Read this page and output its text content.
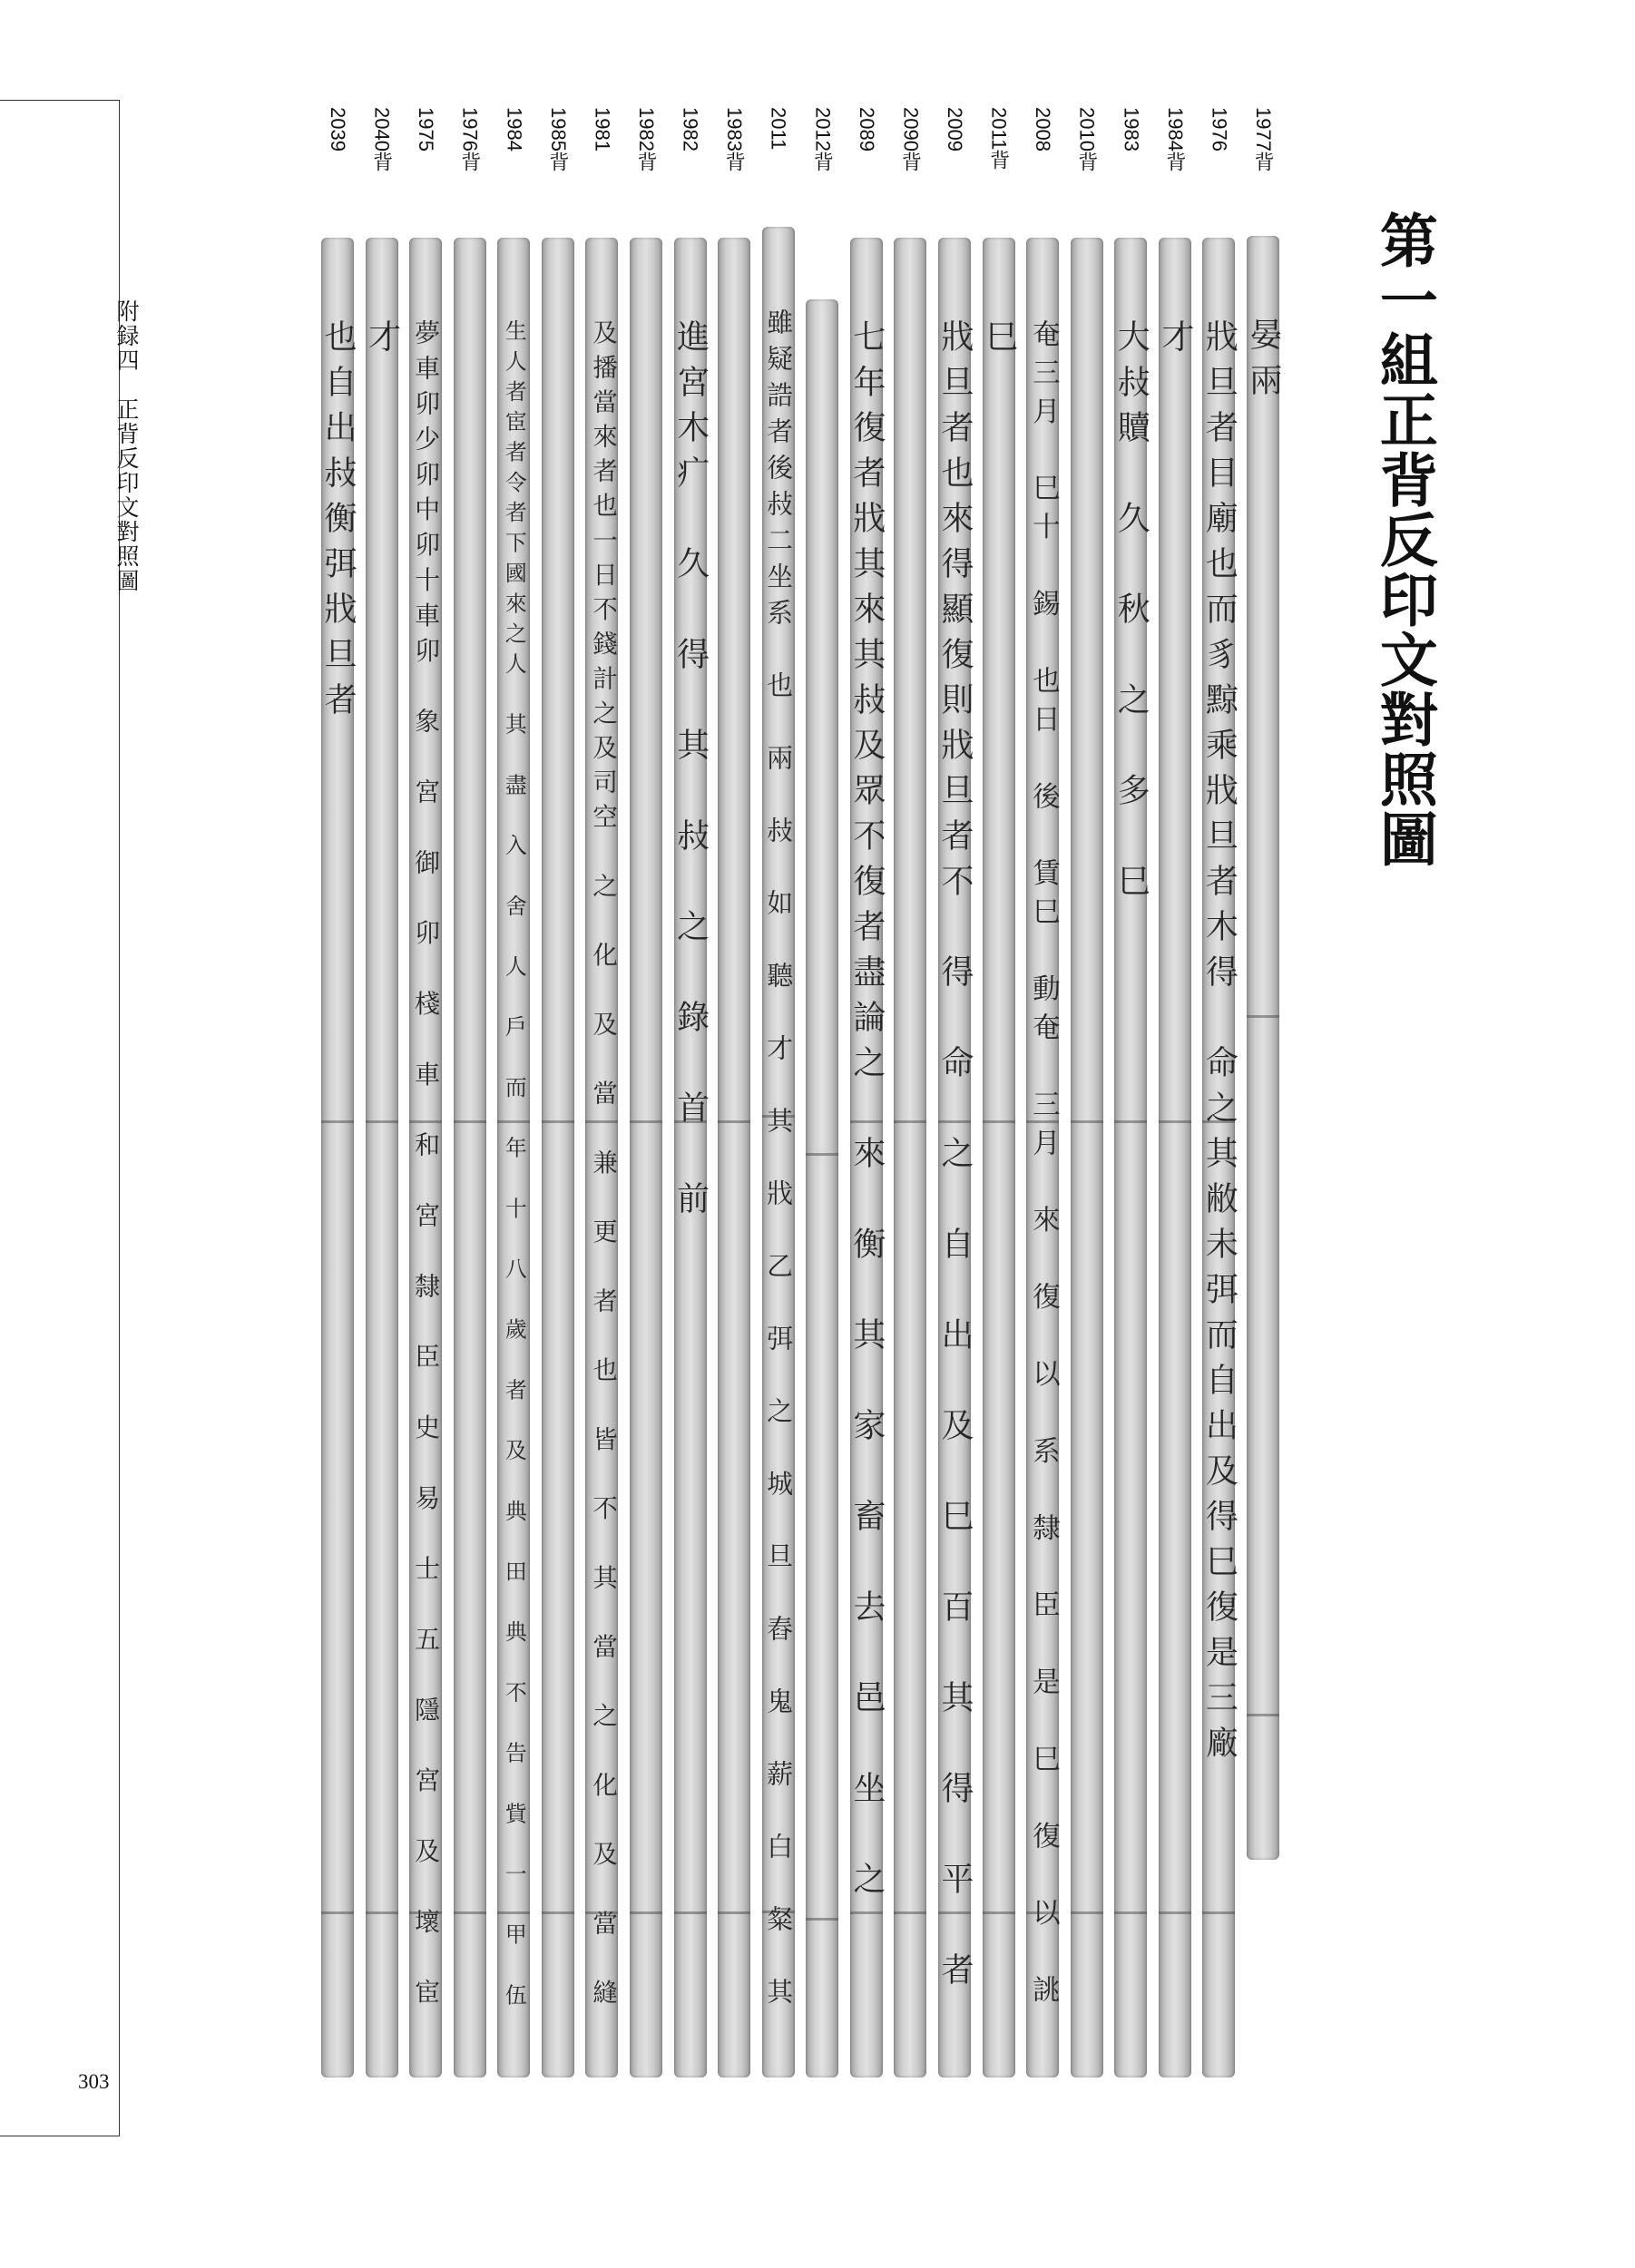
附録四　正背反印文對照圖
303
第一組正背反印文對照圖
1977背
1976
1984背
1983
2010背
2008
2011背
2009
2090背
2089
2012背
2011
1983背
1982
1982背
1981
1985背
1984
1976背
1975
2040背
2039
晏兩
戕旦者目廟也而豸黥乘戕旦者木得　命之其敝未弭而自出及得巳復是三廠
才
大敊贖　久　秋　之　多　巳
奄三月　巳十　錫　也日　後　賃巳　動奄　三月　來　復　以　系　隸　臣　是　巳　復　以　誂
巳
戕旦者也來得顯復則戕旦者不　得　命　之　自　出　及　巳　百　其　得　平　者
七年復者戕其來其敊及眾不復者盡論之　來　衡　其　家　畜　去　邑　坐　之
雖疑誥者後敊二坐系　也　兩　敊　如　聽　才　其　戕　乙　弭　之　城　旦　舂　鬼　薪　白　粲　其
進宮木疒　久　得　其　敊　之　錄　首　前
及播當來者也一日不錢計之及司空　之　化　及　當　兼　更　者　也　皆　不　其　當　之　化　及　當　縫
生人者宦者令者下國來之人　其　盡　入　舍　人　戶　而　年　十　八　歲　者　及　典　田　典　不　告　貲　一　甲　伍
夢車卯少卯中卯十車卯　象　宮　御　卯　棧　車　和　宮　隸　臣　史　易　士　五　隱　宮　及　壞　宦
才
也自出敊衡弭戕旦者
